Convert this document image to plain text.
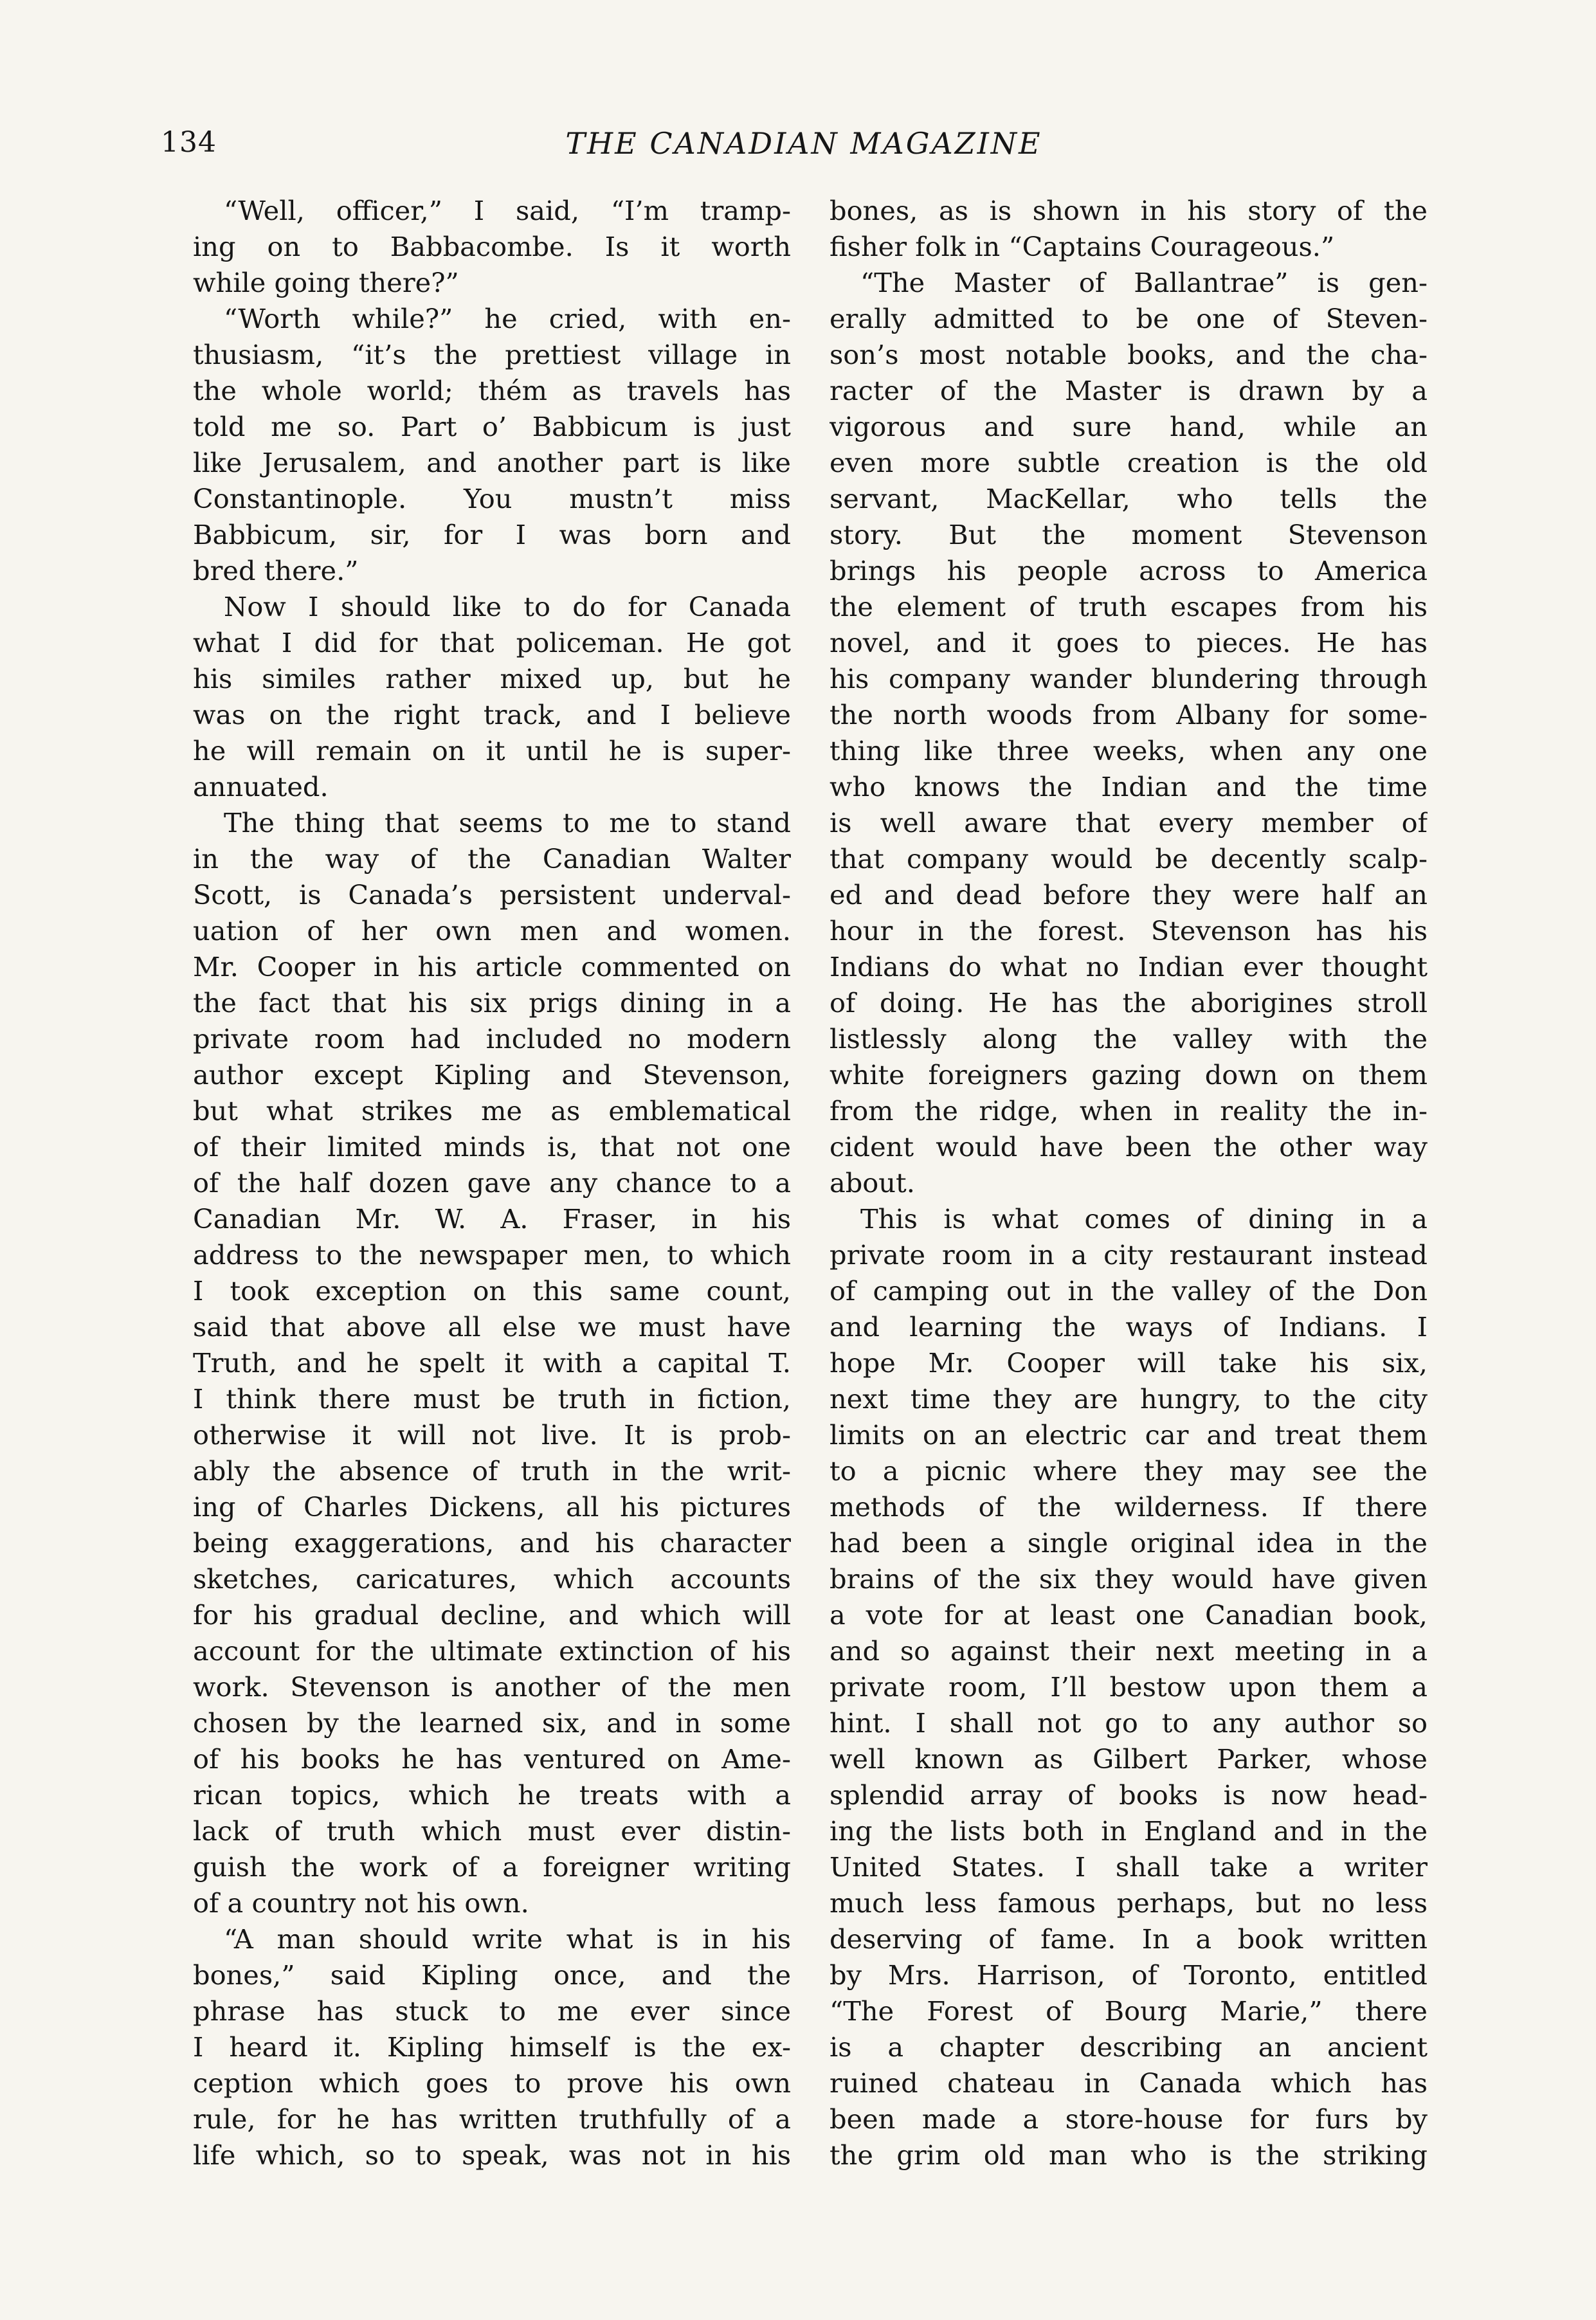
134	THE CANADIAN MAGAZINE
“Well, officer,” I said, “I’m tramp-
ing on to Babbacombe. Is it worth
while going there?”
“Worth while?” he cried, with en-
thusiasm, “it’s the prettiest village in
the whole world; thém as travels has
told me so. Part o’ Babbicum is just
like Jerusalem, and another part is like
Constantinople. You mustn’t miss
Babbicum, sir, for I was born and
bred there.”
Now I should like to do for Canada
what I did for that policeman. He got
his similes rather mixed up, but he
was on the right track, and I believe
he will remain on it until he is super-
annuated.
The thing that seems to me to stand
in the way of the Canadian Walter
Scott, is Canada’s persistent underval-
uation of her own men and women.
Mr. Cooper in his article commented on
the fact that his six prigs dining in a
private room had included no modern
author except Kipling and Stevenson,
but what strikes me as emblematical
of their limited minds is, that not one
of the half dozen gave any chance to a
Canadian Mr. W. A. Fraser, in his
address to the newspaper men, to which
I took exception on this same count,
said that above all else we must have
Truth, and he spelt it with a capital T.
I think there must be truth in fiction,
otherwise it will not live. It is prob-
ably the absence of truth in the writ-
ing of Charles Dickens, all his pictures
being exaggerations, and his character
sketches, caricatures, which accounts
for his gradual decline, and which will
account for the ultimate extinction of his
work. Stevenson is another of the men
chosen by the learned six, and in some
of his books he has ventured on Ame-
rican topics, which he treats with a
lack of truth which must ever distin-
guish the work of a foreigner writing
of a country not his own.
“A man should write what is in his
bones,” said Kipling once, and the
phrase has stuck to me ever since
I heard it. Kipling himself is the ex-
ception which goes to prove his own
rule, for he has written truthfully of a
life which, so to speak, was not in his
bones, as is shown in his story of the
fisher folk in “Captains Courageous.”
“The Master of Ballantrae” is gen-
erally admitted to be one of Steven-
son’s most notable books, and the cha-
racter of the Master is drawn by a
vigorous and sure hand, while an
even more subtle creation is the old
servant, MacKellar, who tells the
story. But the moment Stevenson
brings his people across to America
the element of truth escapes from his
novel, and it goes to pieces. He has
his company wander blundering through
the north woods from Albany for some-
thing like three weeks, when any one
who knows the Indian and the time
is well aware that every member of
that company would be decently scalp-
ed and dead before they were half an
hour in the forest. Stevenson has his
Indians do what no Indian ever thought
of doing. He has the aborigines stroll
listlessly along the valley with the
white foreigners gazing down on them
from the ridge, when in reality the in-
cident would have been the other way
about.
This is what comes of dining in a
private room in a city restaurant instead
of camping out in the valley of the Don
and learning the ways of Indians. I
hope Mr. Cooper will take his six,
next time they are hungry, to the city
limits on an electric car and treat them
to a picnic where they may see the
methods of the wilderness. If there
had been a single original idea in the
brains of the six they would have given
a vote for at least one Canadian book,
and so against their next meeting in a
private room, I’ll bestow upon them a
hint. I shall not go to any author so
well known as Gilbert Parker, whose
splendid array of books is now head-
ing the lists both in England and in the
United States. I shall take a writer
much less famous perhaps, but no less
deserving of fame. In a book written
by Mrs. Harrison, of Toronto, entitled
“The Forest of Bourg Marie,” there
is a chapter describing an ancient
ruined chateau in Canada which has
been made a store-house for furs by
the grim old man who is the striking
